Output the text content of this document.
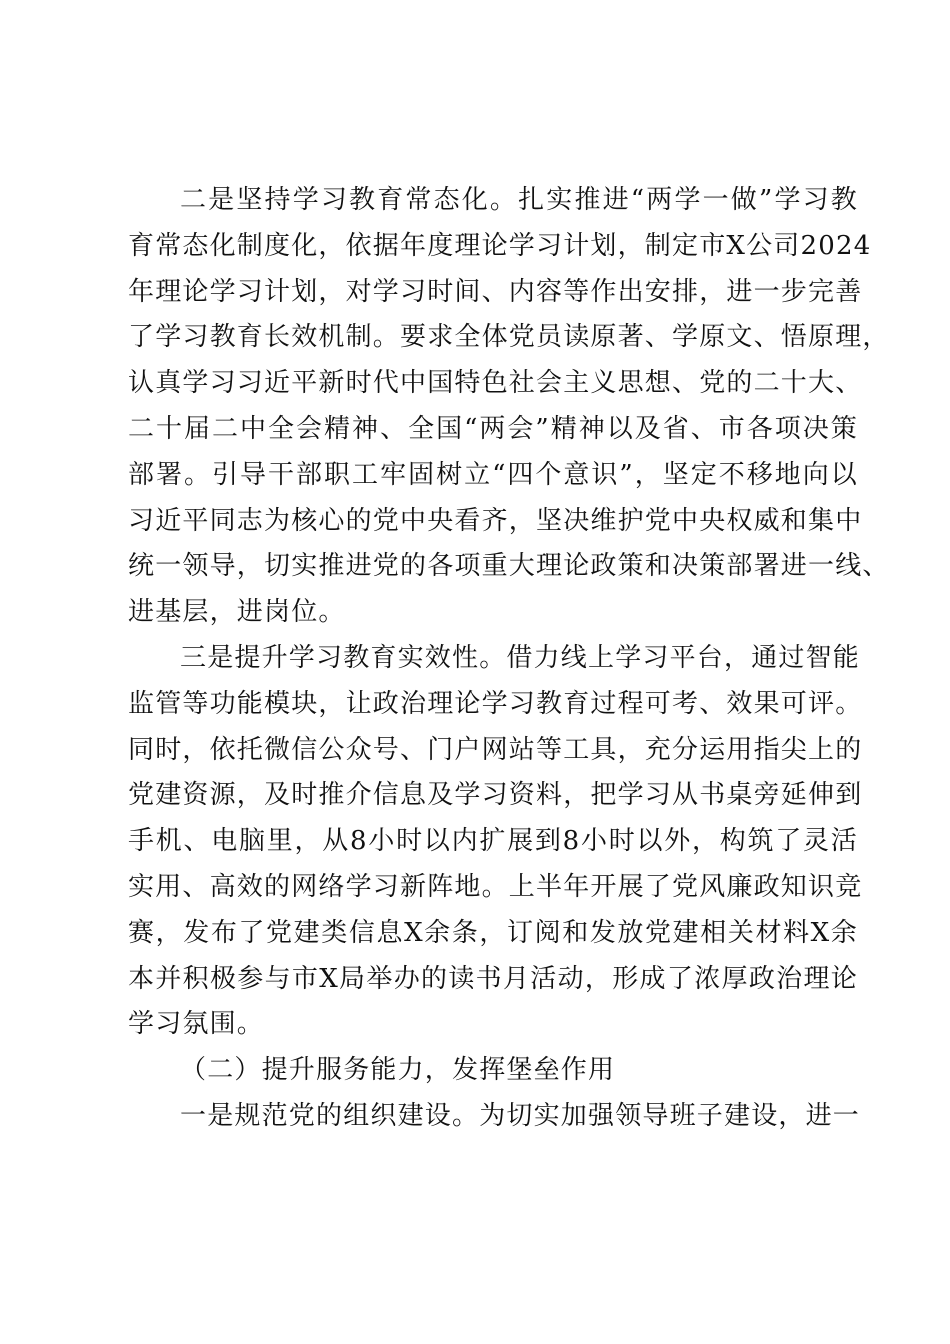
二是坚持学习教育常态化。扎实推进“两学一做”学习教
育常态化制度化，依据年度理论学习计划，制定市X公司2024
年理论学习计划，对学习时间、内容等作出安排，进一步完善
了学习教育长效机制。要求全体党员读原著、学原文、悟原理，
认真学习习近平新时代中国特色社会主义思想、党的二十大、
二十届二中全会精神、全国“两会”精神以及省、市各项决策
部署。引导干部职工牢固树立“四个意识”，坚定不移地向以
习近平同志为核心的党中央看齐，坚决维护党中央权威和集中
统一领导，切实推进党的各项重大理论政策和决策部署进一线、
进基层，进岗位。
三是提升学习教育实效性。借力线上学习平台，通过智能
监管等功能模块，让政治理论学习教育过程可考、效果可评。
同时，依托微信公众号、门户网站等工具，充分运用指尖上的
党建资源，及时推介信息及学习资料，把学习从书桌旁延伸到
手机、电脑里，从8小时以内扩展到8小时以外，构筑了灵活
实用、高效的网络学习新阵地。上半年开展了党风廉政知识竞
赛，发布了党建类信息X余条，订阅和发放党建相关材料X余
本并积极参与市X局举办的读书月活动，形成了浓厚政治理论
学习氛围。
（二）提升服务能力，发挥堡垒作用
一是规范党的组织建设。为切实加强领导班子建设，进一
